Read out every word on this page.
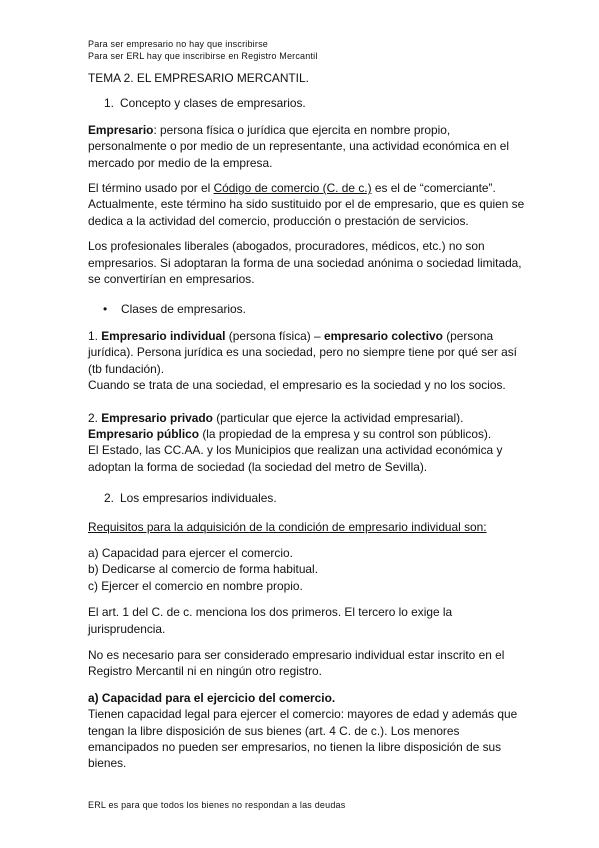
Para ser empresario no hay que inscribirse
Para ser ERL hay que inscribirse en Registro Mercantil

TEMA 2. EL EMPRESARIO MERCANTIL.

1. Concepto y clases de empresarios.

Empresario: persona física o jurídica que ejercita en nombre propio, personalmente o por medio de un representante, una actividad económica en el mercado por medio de la empresa.

El término usado por el Código de comercio (C. de c.) es el de “comerciante”. Actualmente, este término ha sido sustituido por el de empresario, que es quien se dedica a la actividad del comercio, producción o prestación de servicios.

Los profesionales liberales (abogados, procuradores, médicos, etc.) no son empresarios. Si adoptaran la forma de una sociedad anónima o sociedad limitada, se convertirían en empresarios.

• Clases de empresarios.

1. Empresario individual (persona física) – empresario colectivo (persona jurídica). Persona jurídica es una sociedad, pero no siempre tiene por qué ser así (tb fundación).

Cuando se trata de una sociedad, el empresario es la sociedad y no los socios.

2. Empresario privado (particular que ejerce la actividad empresarial).

Empresario público (la propiedad de la empresa y su control son públicos).

El Estado, las CC.AA. y los Municipios que realizan una actividad económica y adoptan la forma de sociedad (la sociedad del metro de Sevilla).

2. Los empresarios individuales.

Requisitos para la adquisición de la condición de empresario individual son:

a) Capacidad para ejercer el comercio.

b) Dedicarse al comercio de forma habitual.

c) Ejercer el comercio en nombre propio.

El art. 1 del C. de c. menciona los dos primeros. El tercero lo exige la jurisprudencia.

No es necesario para ser considerado empresario individual estar inscrito en el Registro Mercantil ni en ningún otro registro.

a) Capacidad para el ejercicio del comercio.

Tienen capacidad legal para ejercer el comercio: mayores de edad y además que tengan la libre disposición de sus bienes (art. 4 C. de c.). Los menores emancipados no pueden ser empresarios, no tienen la libre disposición de sus bienes.

ERL es para que todos los bienes no respondan a las deudas
